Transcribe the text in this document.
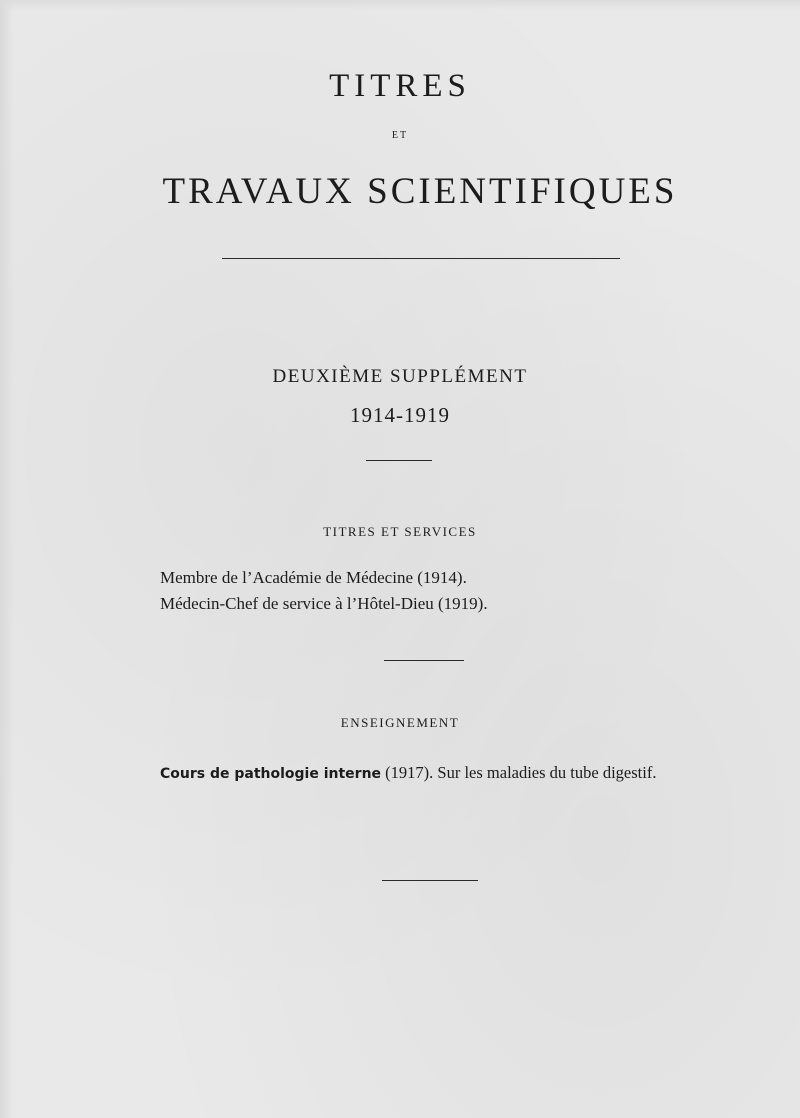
TITRES
ET
TRAVAUX SCIENTIFIQUES
DEUXIÈME SUPPLÉMENT
1914-1919
TITRES ET SERVICES
Membre de l’Académie de Médecine (1914).
Médecin-Chef de service à l’Hôtel-Dieu (1919).
ENSEIGNEMENT
Cours de pathologie interne (1917). Sur les maladies du tube digestif.
